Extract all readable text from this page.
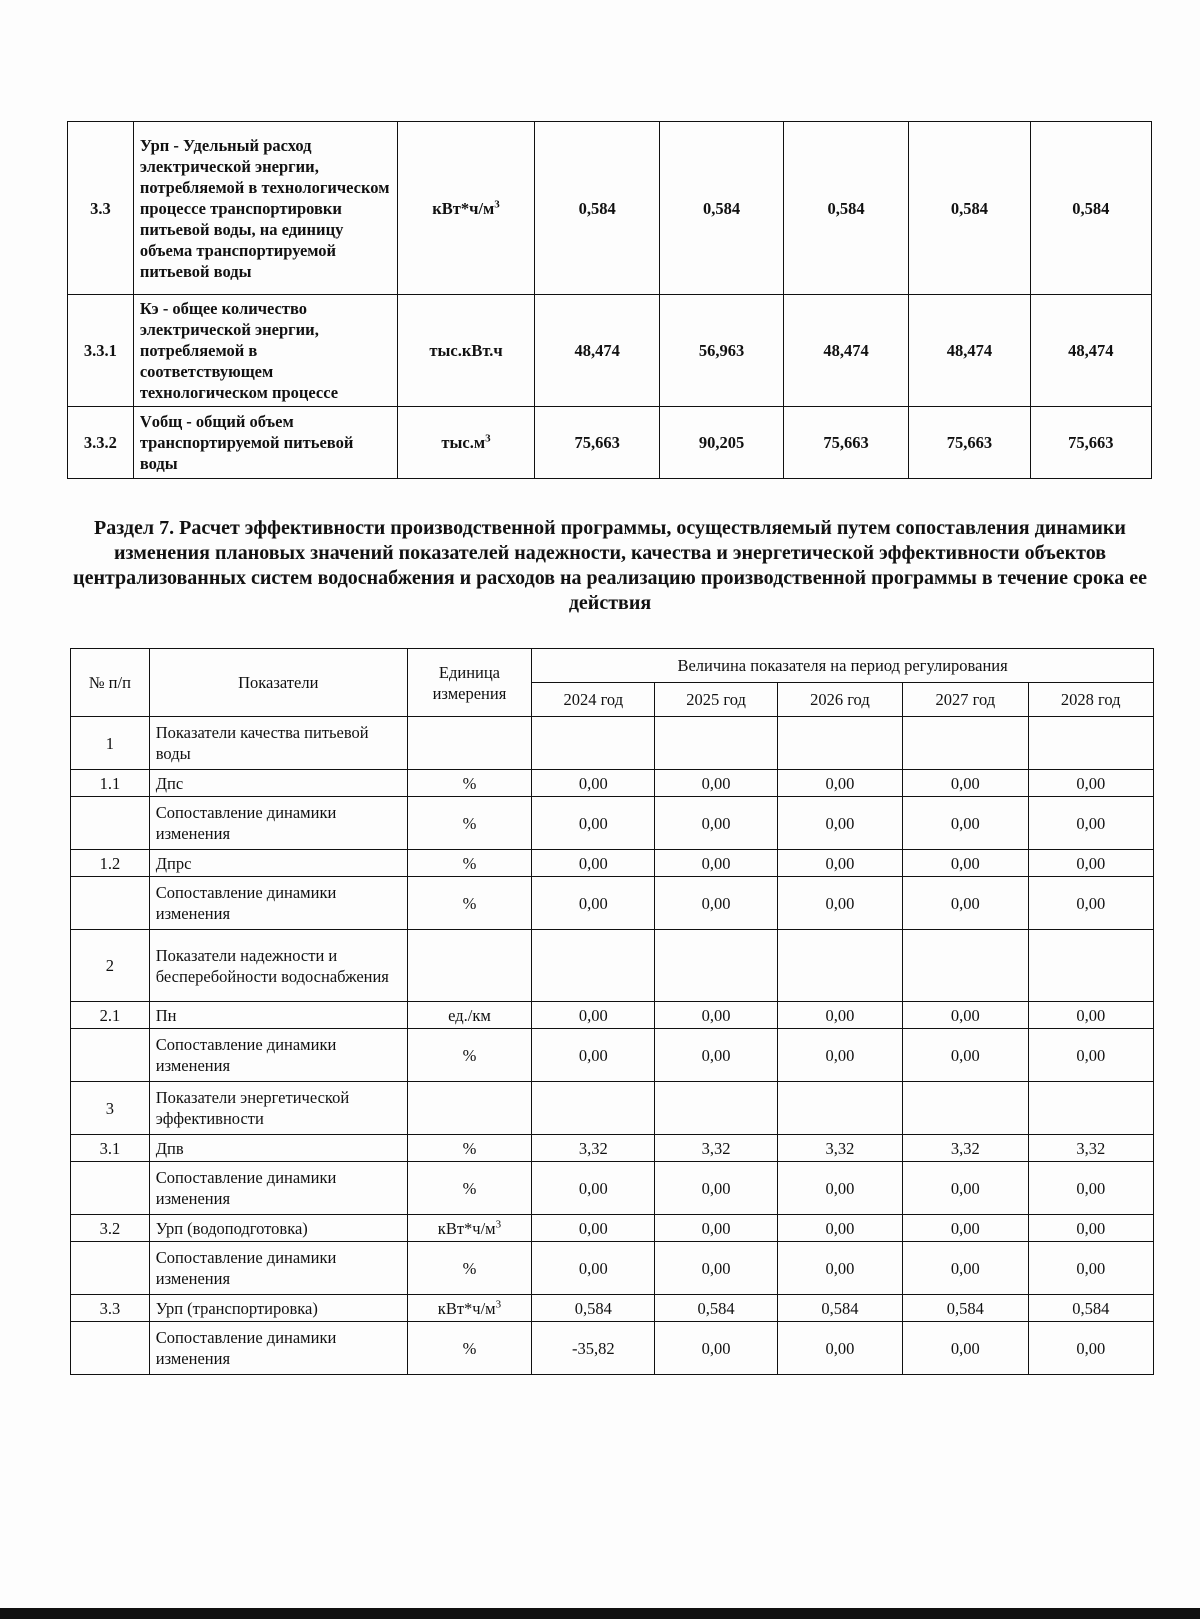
3.3	Урп - Удельный расход электрической энергии, потребляемой в технологическом процессе транспортировки питьевой воды, на единицу объема транспортируемой питьевой воды	$кВт*ч/м^3$	0,584	0,584	0,584	0,584	0,584
3.3.1	Кэ - общее количество электрической энергии, потребляемой в соответствующем технологическом процессе	тыс.кВт.ч	48,474	56,963	48,474	48,474	48,474
3.3.2	Vобщ - общий объем транспортируемой питьевой воды	$тыс.м^3$	75,663	90,205	75,663	75,663	75,663
Раздел 7. Расчет эффективности производственной программы, осуществляемый путем сопоставления динамики изменения плановых значений показателей надежности, качества и энергетической эффективности объектов централизованных систем водоснабжения и расходов на реализацию производственной программы в течение срока ее действия
№ п/п	Показатели	Единица измерения	Величина показателя на период регулирования				
			2024 год	2025 год	2026 год	2027 год	2028 год
1	Показатели качества питьевой воды						
1.1	Дпс	%	0,00	0,00	0,00	0,00	0,00
	Сопоставление динамики изменения	%	0,00	0,00	0,00	0,00	0,00
1.2	Дпрс	%	0,00	0,00	0,00	0,00	0,00
	Сопоставление динамики изменения	%	0,00	0,00	0,00	0,00	0,00
2	Показатели надежности и бесперебойности водоснабжения						
2.1	Пн	ед./км	0,00	0,00	0,00	0,00	0,00
	Сопоставление динамики изменения	%	0,00	0,00	0,00	0,00	0,00
3	Показатели энергетической эффективности						
3.1	Дпв	%	3,32	3,32	3,32	3,32	3,32
	Сопоставление динамики изменения	%	0,00	0,00	0,00	0,00	0,00
3.2	Урп (водоподготовка)	$кВт*ч/м^3$	0,00	0,00	0,00	0,00	0,00
	Сопоставление динамики изменения	%	0,00	0,00	0,00	0,00	0,00
3.3	Урп (транспортировка)	$кВт*ч/м^3$	0,584	0,584	0,584	0,584	0,584
	Сопоставление динамики изменения	%	-35,82	0,00	0,00	0,00	0,00
